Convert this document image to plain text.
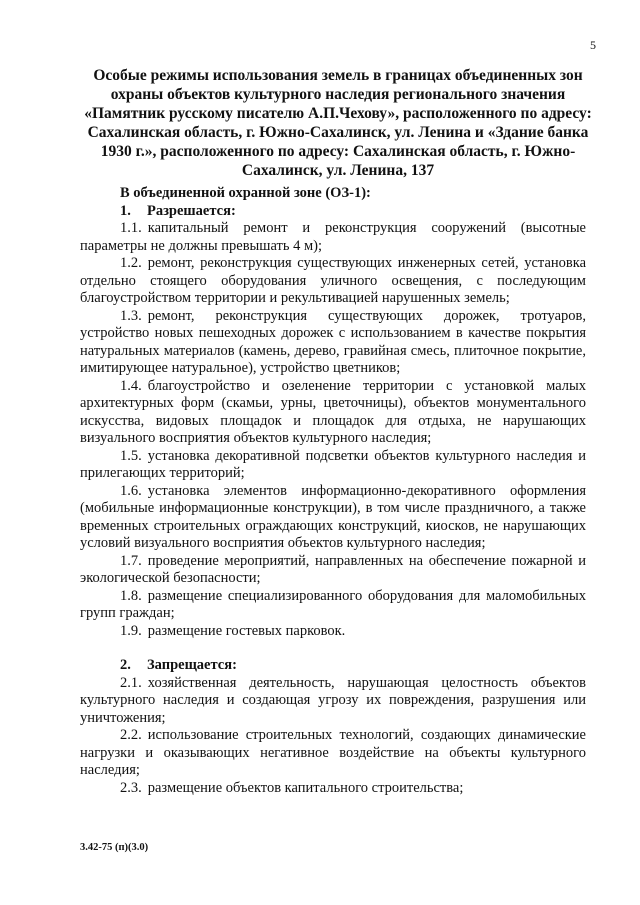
5
Особые режимы использования земель в границах объединенных зон охраны объектов культурного наследия регионального значения «Памятник русскому писателю А.П.Чехову», расположенного по адресу: Сахалинская область, г. Южно-Сахалинск, ул. Ленина и «Здание банка 1930 г.», расположенного по адресу: Сахалинская область, г. Южно-Сахалинск, ул. Ленина, 137

В объединенной охранной зоне (ОЗ-1):

1.	Разрешается:

1.1. капитальный ремонт и реконструкция сооружений (высотные параметры не должны превышать 4 м);

1.2. ремонт, реконструкция существующих инженерных сетей, установка отдельно стоящего оборудования уличного освещения, с последующим благоустройством территории и рекультивацией нарушенных земель;

1.3. ремонт, реконструкция существующих дорожек, тротуаров, устройство новых пешеходных дорожек с использованием в качестве покрытия натуральных материалов (камень, дерево, гравийная смесь, плиточное покрытие, имитирующее натуральное), устройство цветников;

1.4. благоустройство и озеленение территории с установкой малых архитектурных форм (скамьи, урны, цветочницы), объектов монументального искусства, видовых площадок и площадок для отдыха, не нарушающих визуального восприятия объектов культурного наследия;

1.5. установка декоративной подсветки объектов культурного наследия и прилегающих территорий;

1.6. установка элементов информационно-декоративного оформления (мобильные информационные конструкции), в том числе праздничного, а также временных строительных ограждающих конструкций, киосков, не нарушающих условий визуального восприятия объектов культурного наследия;

1.7. проведение мероприятий, направленных на обеспечение пожарной и экологической безопасности;

1.8. размещение специализированного оборудования для маломобильных групп граждан;

1.9. размещение гостевых парковок.

2.	Запрещается:

2.1. хозяйственная деятельность, нарушающая целостность объектов культурного наследия и создающая угрозу их повреждения, разрушения или уничтожения;

2.2. использование строительных технологий, создающих динамические нагрузки и оказывающих негативное воздействие на объекты культурного наследия;

2.3. размещение объектов капитального строительства;

3.42-75 (п)(3.0)
